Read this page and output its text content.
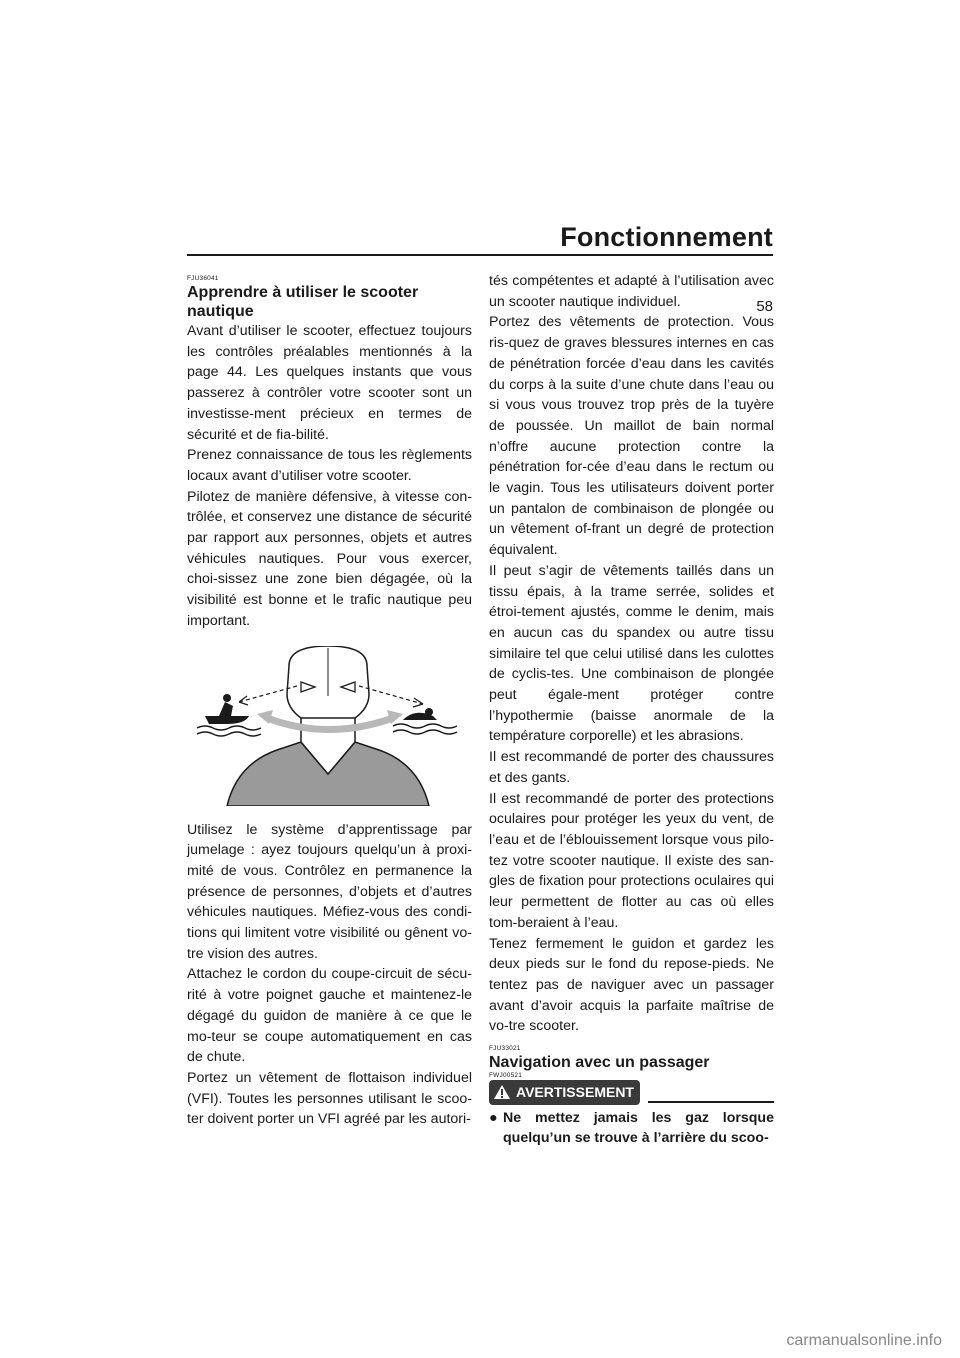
Fonctionnement
58
FJU36041
Apprendre à utiliser le scooter nautique

Avant d’utiliser le scooter, effectuez toujours les contrôles préalables mentionnés à la page 44. Les quelques instants que vous passerez à contrôler votre scooter sont un investisse-ment précieux en termes de sécurité et de fia-bilité.

Prenez connaissance de tous les règlements locaux avant d’utiliser votre scooter.

Pilotez de manière défensive, à vitesse con-trôlée, et conservez une distance de sécurité par rapport aux personnes, objets et autres véhicules nautiques. Pour vous exercer, choi-sissez une zone bien dégagée, où la visibilité est bonne et le trafic nautique peu important.

Utilisez le système d’apprentissage par jumelage : ayez toujours quelqu’un à proxi-mité de vous. Contrôlez en permanence la présence de personnes, d’objets et d’autres véhicules nautiques. Méfiez-vous des condi-tions qui limitent votre visibilité ou gênent vo-tre vision des autres.

Attachez le cordon du coupe-circuit de sécu-rité à votre poignet gauche et maintenez-le dégagé du guidon de manière à ce que le mo-teur se coupe automatiquement en cas de chute.

Portez un vêtement de flottaison individuel (VFI). Toutes les personnes utilisant le scoo-ter doivent porter un VFI agréé par les autori-

tés compétentes et adapté à l’utilisation avec un scooter nautique individuel.

Portez des vêtements de protection. Vous ris-quez de graves blessures internes en cas de pénétration forcée d’eau dans les cavités du corps à la suite d’une chute dans l’eau ou si vous vous trouvez trop près de la tuyère de poussée. Un maillot de bain normal n’offre aucune protection contre la pénétration for-cée d’eau dans le rectum ou le vagin. Tous les utilisateurs doivent porter un pantalon de combinaison de plongée ou un vêtement of-frant un degré de protection équivalent.

Il peut s’agir de vêtements taillés dans un tissu épais, à la trame serrée, solides et étroi-tement ajustés, comme le denim, mais en aucun cas du spandex ou autre tissu similaire tel que celui utilisé dans les culottes de cyclis-tes. Une combinaison de plongée peut égale-ment protéger contre l’hypothermie (baisse anormale de la température corporelle) et les abrasions.

Il est recommandé de porter des chaussures et des gants.

Il est recommandé de porter des protections oculaires pour protéger les yeux du vent, de l’eau et de l’éblouissement lorsque vous pilo-tez votre scooter nautique. Il existe des san-gles de fixation pour protections oculaires qui leur permettent de flotter au cas où elles tom-beraient à l’eau.

Tenez fermement le guidon et gardez les deux pieds sur le fond du repose-pieds. Ne tentez pas de naviguer avec un passager avant d’avoir acquis la parfaite maîtrise de vo-tre scooter.

FJU33021
Navigation avec un passager
FWJ00521
AVERTISSEMENT
● Ne mettez jamais les gaz lorsque quelqu’un se trouve à l’arrière du scoo-

carmanualsonline.info
